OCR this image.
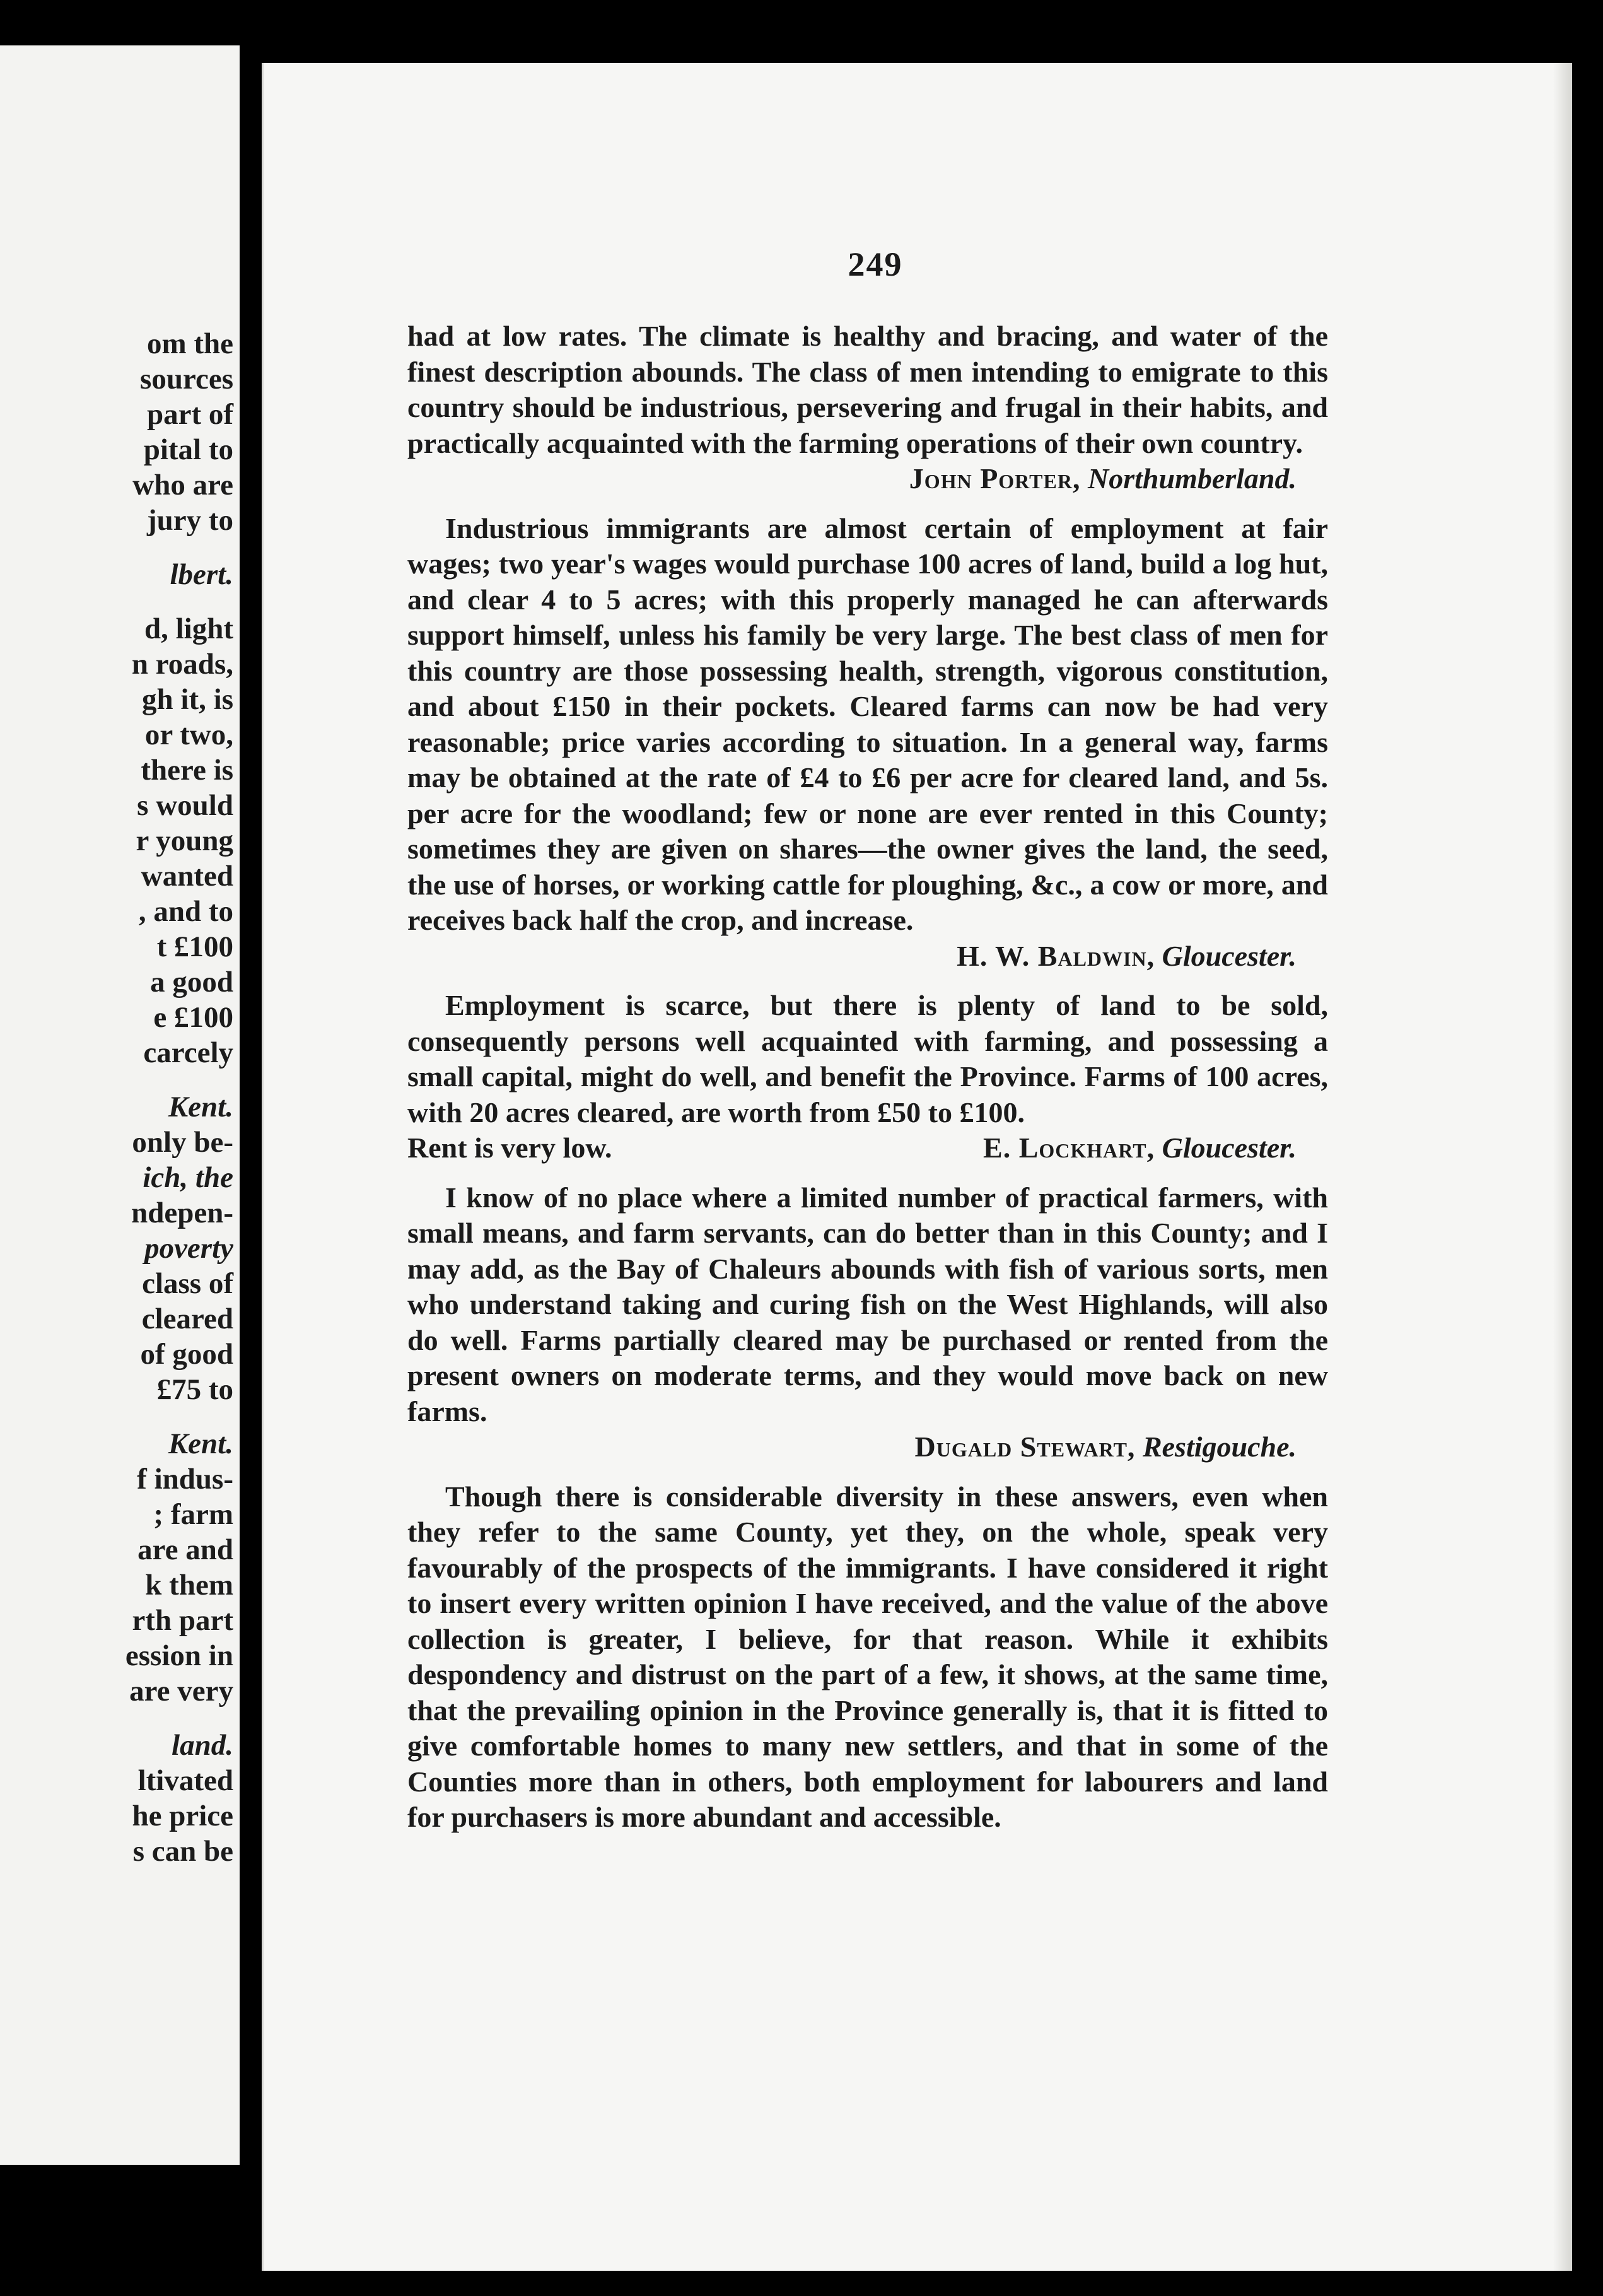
om the
sources
part of
pital to
who are
jury to
lbert.
d, light
n roads,
gh it, is
or two,
there is
s would
r young
wanted
, and to
t £100
a good
e £100
carcely
Kent.
only be-
ich, the
ndepen-
poverty
class of
cleared
of good
£75 to
Kent.
f indus-
; farm
are and
k them
rth part
ession in
are very
land.
ltivated
he price
s can be
249

had at low rates. The climate is healthy and bracing, and water of the finest description abounds. The class of men intending to emigrate to this country should be industrious, persevering and frugal in their habits, and practically acquainted with the farming operations of their own country.

John Porter, Northumberland.

Industrious immigrants are almost certain of employment at fair wages; two year's wages would purchase 100 acres of land, build a log hut, and clear 4 to 5 acres; with this properly managed he can afterwards support himself, unless his family be very large. The best class of men for this country are those possessing health, strength, vigorous constitution, and about £150 in their pockets. Cleared farms can now be had very reasonable; price varies according to situation. In a general way, farms may be obtained at the rate of £4 to £6 per acre for cleared land, and 5s. per acre for the woodland; few or none are ever rented in this County; sometimes they are given on shares—the owner gives the land, the seed, the use of horses, or working cattle for ploughing, &c., a cow or more, and receives back half the crop, and increase.

H. W. Baldwin, Gloucester.

Employment is scarce, but there is plenty of land to be sold, consequently persons well acquainted with farming, and possessing a small capital, might do well, and benefit the Province. Farms of 100 acres, with 20 acres cleared, are worth from £50 to £100.

Rent is very low.	E. Lockhart, Gloucester.

I know of no place where a limited number of practical farmers, with small means, and farm servants, can do better than in this County; and I may add, as the Bay of Chaleurs abounds with fish of various sorts, men who understand taking and curing fish on the West Highlands, will also do well. Farms partially cleared may be purchased or rented from the present owners on moderate terms, and they would move back on new farms.

Dugald Stewart, Restigouche.

Though there is considerable diversity in these answers, even when they refer to the same County, yet they, on the whole, speak very favourably of the prospects of the immigrants. I have considered it right to insert every written opinion I have received, and the value of the above collection is greater, I believe, for that reason. While it exhibits despondency and distrust on the part of a few, it shows, at the same time, that the prevailing opinion in the Province generally is, that it is fitted to give comfortable homes to many new settlers, and that in some of the Counties more than in others, both employment for labourers and land for purchasers is more abundant and accessible.
